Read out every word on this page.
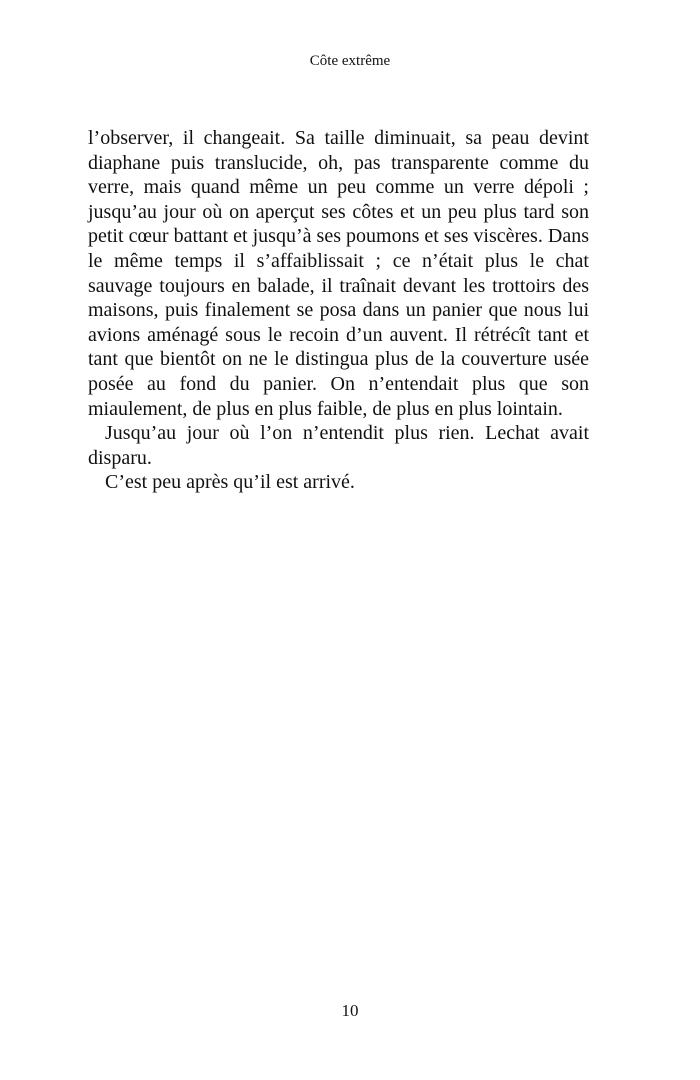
Côte extrême

l’observer, il changeait. Sa taille diminuait, sa peau devint diaphane puis translucide, oh, pas transparente comme du verre, mais quand même un peu comme un verre dépoli ; jusqu’au jour où on aperçut ses côtes et un peu plus tard son petit cœur battant et jusqu’à ses poumons et ses viscères. Dans le même temps il s’affaiblissait ; ce n’était plus le chat sauvage toujours en balade, il traînait devant les trottoirs des maisons, puis finalement se posa dans un panier que nous lui avions aménagé sous le recoin d’un auvent. Il rétrécît tant et tant que bientôt on ne le distingua plus de la couverture usée posée au fond du panier. On n’entendait plus que son miaulement, de plus en plus faible, de plus en plus lointain.

Jusqu’au jour où l’on n’entendit plus rien. Lechat avait disparu.

C’est peu après qu’il est arrivé.

10
